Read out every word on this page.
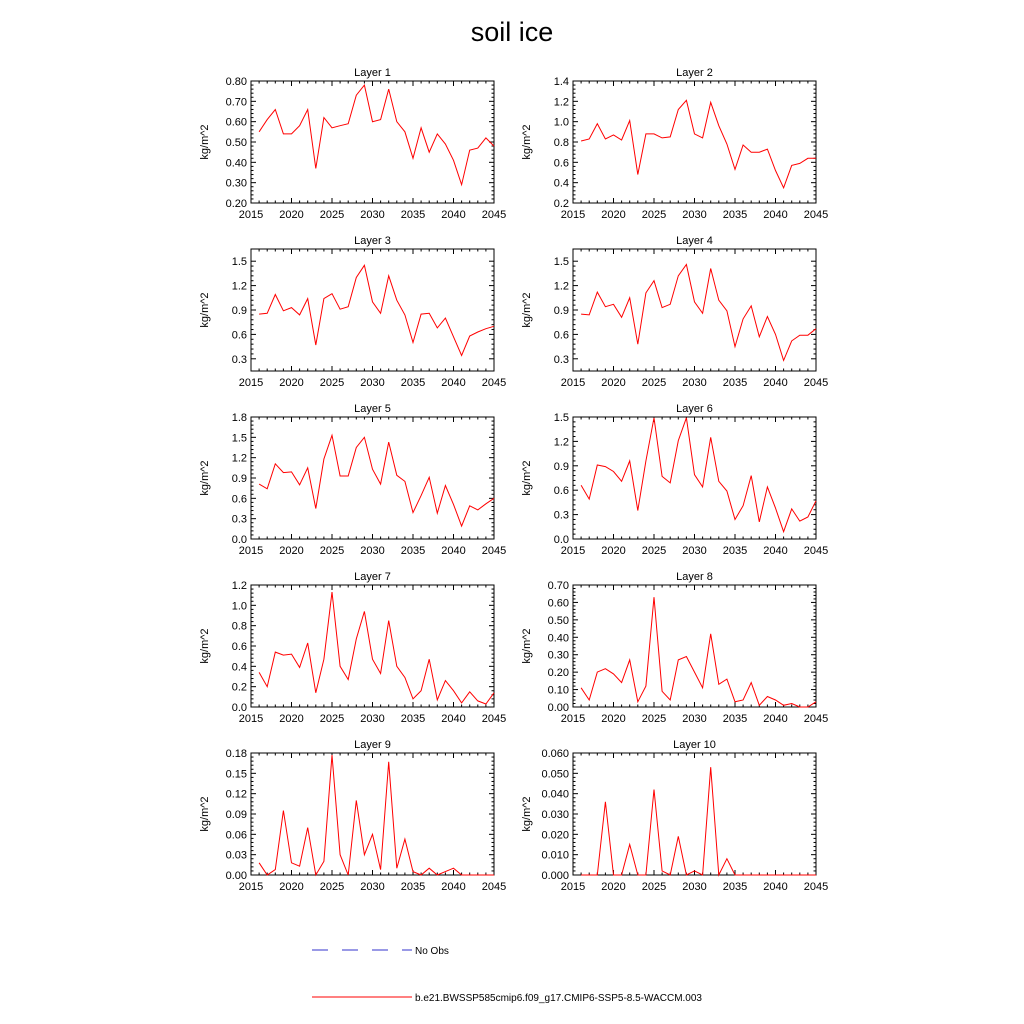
soil ice
Layer 1
2015 2020 2025 2030 2035 2040 2045
0.20
0.30
0.40
0.50
0.60
0.70
0.80
kg/m^2
Layer 2
2015 2020 2025 2030 2035 2040 2045
0.2
0.4
0.6
0.8
1.0
1.2
1.4
kg/m^2
Layer 3
2015 2020 2025 2030 2035 2040 2045
0.3
0.6
0.9
1.2
1.5
kg/m^2
Layer 4
2015 2020 2025 2030 2035 2040 2045
0.3
0.6
0.9
1.2
1.5
kg/m^2
Layer 5
2015 2020 2025 2030 2035 2040 2045
0.0
0.3
0.6
0.9
1.2
1.5
1.8
kg/m^2
Layer 6
2015 2020 2025 2030 2035 2040 2045
0.0
0.3
0.6
0.9
1.2
1.5
kg/m^2
Layer 7
2015 2020 2025 2030 2035 2040 2045
0.0
0.2
0.4
0.6
0.8
1.0
1.2
kg/m^2
Layer 8
2015 2020 2025 2030 2035 2040 2045
0.00
0.10
0.20
0.30
0.40
0.50
0.60
0.70
kg/m^2
Layer 9
2015 2020 2025 2030 2035 2040 2045
0.00
0.03
0.06
0.09
0.12
0.15
0.18
kg/m^2
Layer 10
2015 2020 2025 2030 2035 2040 2045
0.000
0.010
0.020
0.030
0.040
0.050
0.060
kg/m^2
No Obs
b.e21.BWSSP585cmip6.f09_g17.CMIP6-SSP5-8.5-WACCM.003
